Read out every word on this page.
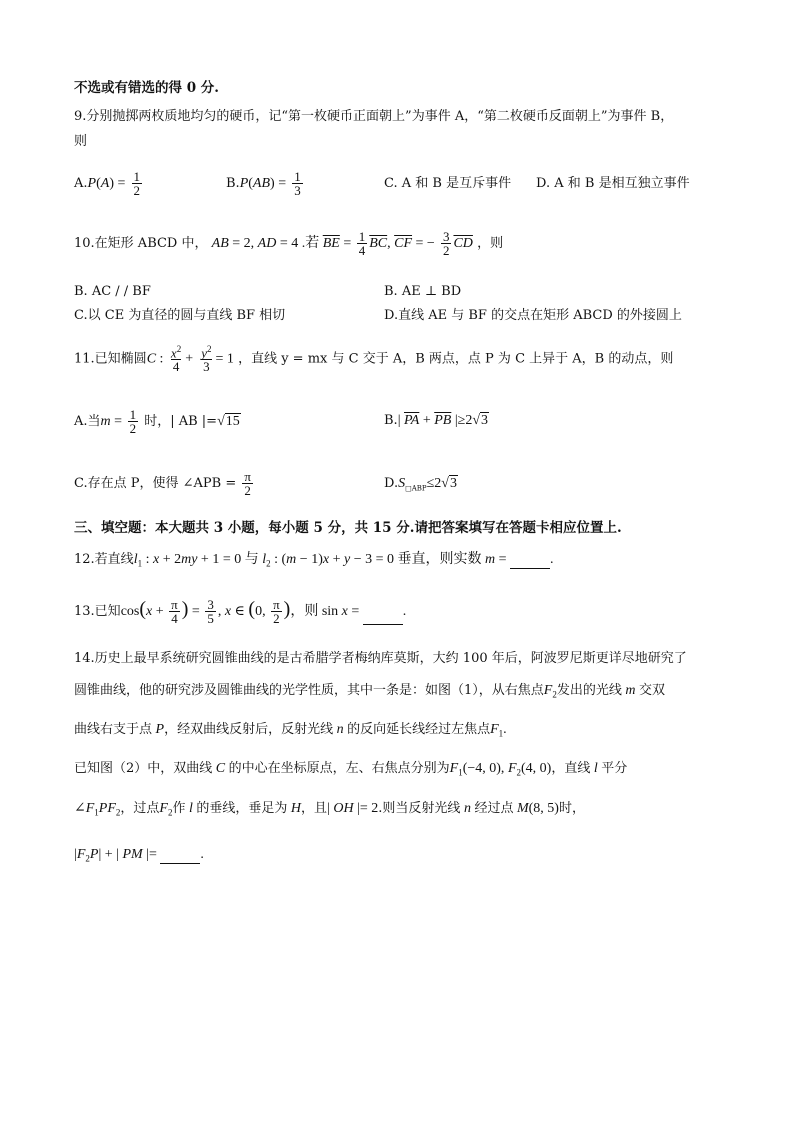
不选或有错选的得 0 分.
9.分别抛掷两枚质地均匀的硬币，记“第一枚硬币正面朝上”为事件 A，“第二枚硬币反面朝上”为事件 B，
则
$A.P(A) = \frac{1}{2}$	$B.P(AB) = \frac{1}{3}$	C. A 和 B 是互斥事件 D. A 和 B 是相互独立事件
10.在矩形 ABCD 中， AB = 2, AD = 4 .若 $\overline{BE} = \frac{1}{4} \overline{BC}$, $\overline{CF}$ = − $\frac{3}{2} \overline{CD}$ ，则
B. AC / / BF	B. AE ⊥ BD
C.以 CE 为直径的圆与直线 BF 相切	D.直线 AE 与 BF 的交点在矩形 ABCD 的外接圆上
11.已知椭圆C : $\frac{x^2}{4} + \frac{y^2}{3} = 1$ ，直线 y = mx 与 C 交于 A，B 两点，点 P 为 C 上异于 A，B 的动点，则
A.当$m = \frac{1}{2}$ 时，| AB |=√15	B.| $\overline{PA} + \overline{PB}$ |≥2√3
C.存在点 P，使得 ∠APB = $\frac{\pi}{2}$	$D.S_{□ABP}\le 2√3$
三、填空题：本大题共 3 小题，每小题 5 分，共 15 分.请把答案填写在答题卡相应位置上.
12.若直线$l_1$ : x + 2my + 1 = 0 与 $l_2$ : (m − 1)x + y − 3 = 0 垂直，则实数 m =	.
13.已知$\cos(x + \frac{\pi}{4}$ ) = $\frac{3}{5}$ , x ∈ (0, $\frac{\pi}{2}$ )，则 sin x =	.
14.历史上最早系统研究圆锥曲线的是古希腊学者梅纳库莫斯，大约 100 年后，阿波罗尼斯更详尽地研究了
圆锥曲线，他的研究涉及圆锥曲线的光学性质，其中一条是：如图（1），从右焦点$F_2$发出的光线 m 交双
曲线右支于点 P，经双曲线反射后，反射光线 n 的反向延长线经过左焦点$F_1$.
已知图（2）中，双曲线 C 的中心在坐标原点，左、右焦点分别为$F_1(-4$, 0), $F_2(4$, 0)，直线 l 平分
$\angle F_1PF_2$，过点$F_2$作 l 的垂线，垂足为 H，且| OH |= 2.则当反射光线 n 经过点 M(8, 5)时，
$|F_2P|$ + | PM |=	.
